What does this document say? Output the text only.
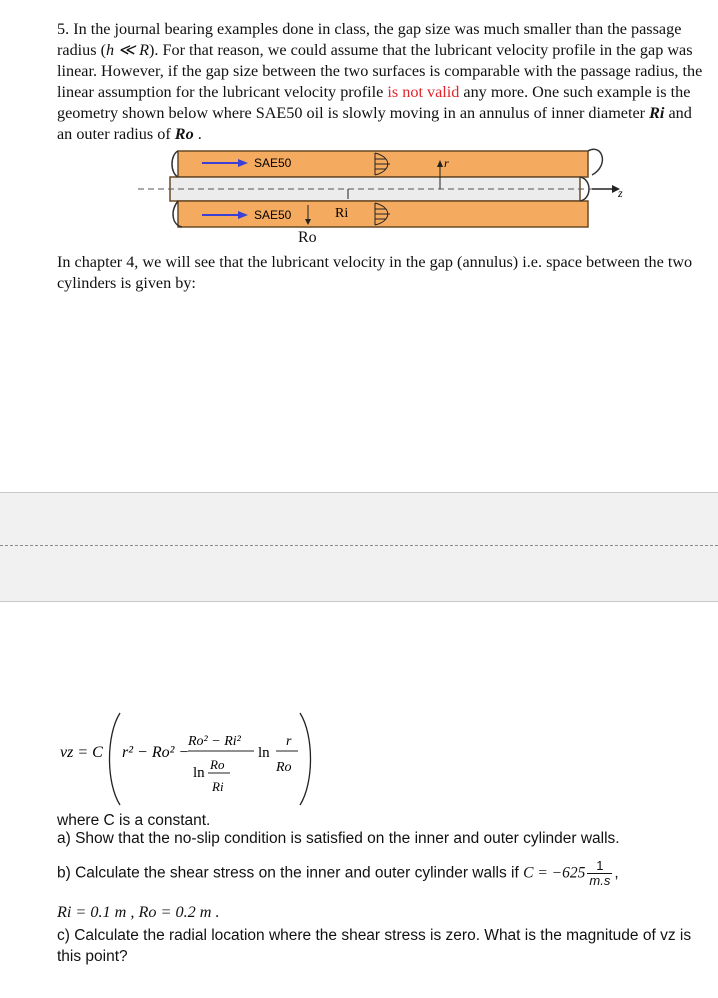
5. In the journal bearing examples done in class, the gap size was much smaller than the passage radius (h ≪ R). For that reason, we could assume that the lubricant velocity profile in the gap was linear. However, if the gap size between the two surfaces is comparable with the passage radius, the linear assumption for the lubricant velocity profile is not valid any more. One such example is the geometry shown below where SAE50 oil is slowly moving in an annulus of inner diameter Ri and an outer radius of Ro .
z
r
SAE50
SAE50	Ri
Ro
In chapter 4, we will see that the lubricant velocity in the gap (annulus) i.e. space between the two cylinders is given by:
vz = C r² − Ro² −
Ro² − Ri²
ln
Ro
Ri
ln
r
Ro
where C is a constant.
a) Show that the no-slip condition is satisfied on the inner and outer cylinder walls.
b) Calculate the shear stress on the inner and outer cylinder walls if $C = -625 \frac{1}{m.s}$ ,
Ri = 0.1 m , Ro = 0.2 m .
c) Calculate the radial location where the shear stress is zero. What is the magnitude of vz is this point?
